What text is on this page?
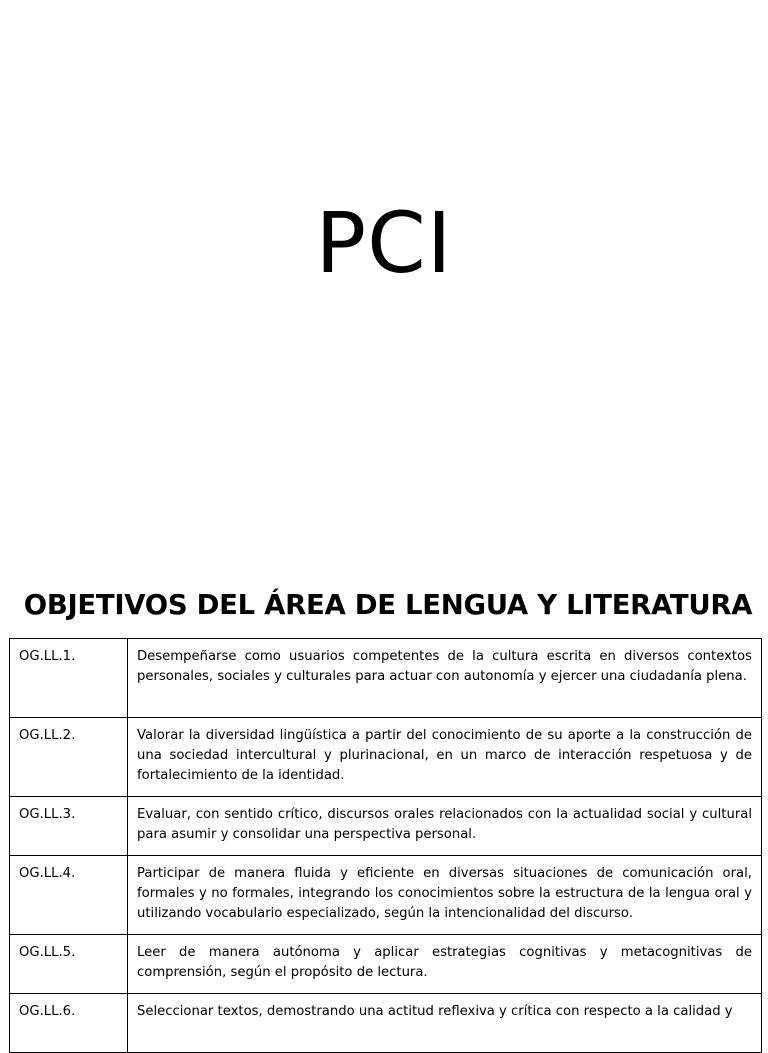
PCI
OBJETIVOS DEL ÁREA DE LENGUA Y LITERATURA
OG.LL.1.	Desempeñarse como usuarios competentes de la cultura escrita en diversos contextos personales, sociales y culturales para actuar con autonomía y ejercer una ciudadanía plena.
OG.LL.2.	Valorar la diversidad lingüística a partir del conocimiento de su aporte a la construcción de una sociedad intercultural y plurinacional, en un marco de interacción respetuosa y de fortalecimiento de la identidad.
OG.LL.3.	Evaluar, con sentido crítico, discursos orales relacionados con la actualidad social y cultural para asumir y consolidar una perspectiva personal.
OG.LL.4.	Participar de manera fluida y eficiente en diversas situaciones de comunicación oral, formales y no formales, integrando los conocimientos sobre la estructura de la lengua oral y utilizando vocabulario especializado, según la intencionalidad del discurso.
OG.LL.5.	Leer de manera autónoma y aplicar estrategias cognitivas y metacognitivas de comprensión, según el propósito de lectura.
OG.LL.6.	Seleccionar textos, demostrando una actitud reflexiva y crítica con respecto a la calidad y
